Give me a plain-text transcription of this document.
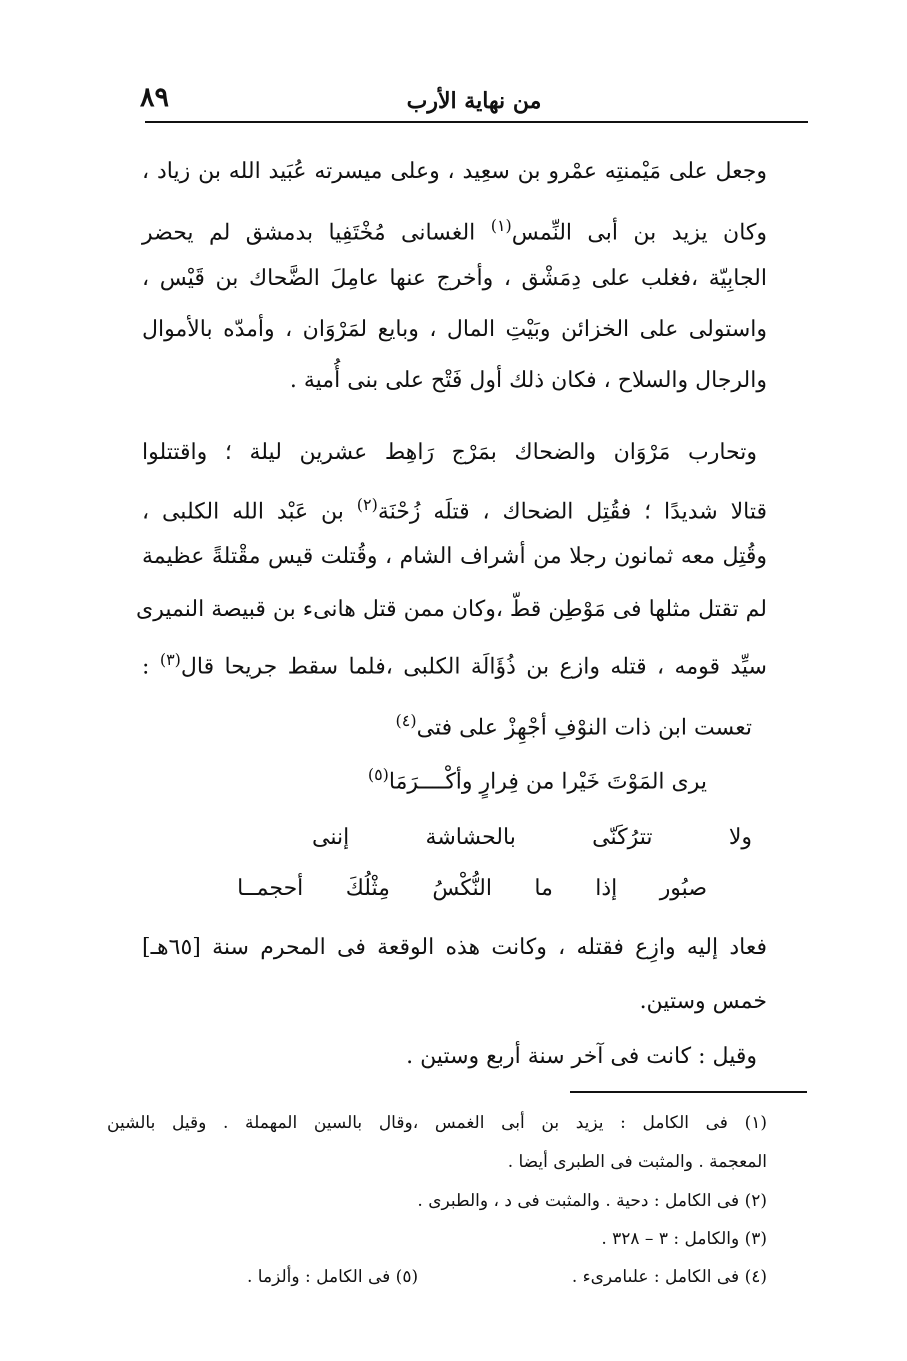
٨٩	من نهاية الأرب
وجعل على مَيْمنتِه عمْرو بن سعِيد ، وعلى ميسرته عُبَيد الله بن زياد ،
وكان يزيد بن أبى النِّمس$^{(١)}$ الغسانى مُخْتَفِيا بدمشق لم يحضر
الجابِيّة ،فغلب على دِمَشْق ، وأخرج عنها عامِلَ الضَّحاك بن قَيْس ،
واستولى على الخزائن وبَيْتِ المال ، وبايع لمَرْوَان ، وأمدّه بالأموال
والرجال والسلاح ، فكان ذلك أول فَتْح على بنى أُمية .
وتحارب مَرْوَان والضحاك بمَرْج رَاهِط عشرين ليلة ؛ واقتتلوا
قتالا شديدًا ؛ فقُتِل الضحاك ، قتلَه زُحْنَة$^{(٢)}$ بن عَبْد الله الكلبى ،
وقُتِل معه ثمانون رجلا من أشراف الشام ، وقُتلت قيس مقْتلةً عظيمة
لم تقتل مثلها فى مَوْطِن قطّ ،وكان ممن قتل هانىء بن قبيصة النميرى
سيِّد قومه ، قتله وازع بن ذُؤَالَة الكلبى ،فلما سقط جريحا قال$^{(٣)}$ :
تعست ابن ذات النوْفِ أجْهِزْ على فتى$^{(٤)}$
يرى المَوْتَ خَيْرا من فِرارٍ وأكْــــرَمَا$^{(٥)}$
ولا
تترُكَنّى
بالحشاشة
إننى
صبُور
إذا
ما
النُّكْسُ
مِثْلُكَ
أحجمــا
فعاد إليه وازِع فقتله ، وكانت هذه الوقعة فى المحرم سنة [٦٥هـ]
خمس وستين.
وقيل : كانت فى آخر سنة أربع وستين .
(١) فى الكامل : يزيد بن أبى الغمس ،وقال بالسين المهملة . وقيل بالشين
المعجمة . والمثبت فى الطبرى أيضا .
(٢) فى الكامل : دحية . والمثبت فى د ، والطبرى .
(٣) والكامل : ٣ – ٣٢٨ .
(٤) فى الكامل : علىامرىء .
(٥) فى الكامل : وألزما .
